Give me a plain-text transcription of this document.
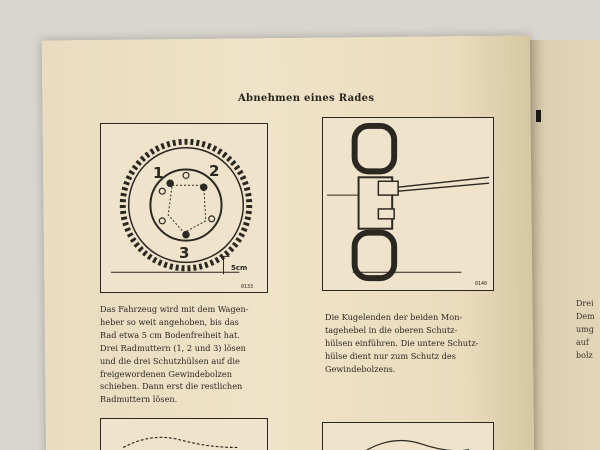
Drei
Dem
umg
auf
bolz
Abnehmen eines Rades
1	2
3
5cm
0133	0140
Das Fahrzeug wird mit dem Wagen-
heber so weit angehoben, bis das
Rad etwa 5 cm Bodenfreiheit hat.
Drei Radmuttern (1, 2 und 3) lösen
und die drei Schutzhülsen auf die
freigewordenen Gewindebolzen
schieben. Dann erst die restlichen
Radmuttern lösen.
Die Kugelenden der beiden Mon-
tagehebel in die oberen Schutz-
hülsen einführen. Die untere Schutz-
hülse dient nur zum Schutz des
Gewindebolzens.
